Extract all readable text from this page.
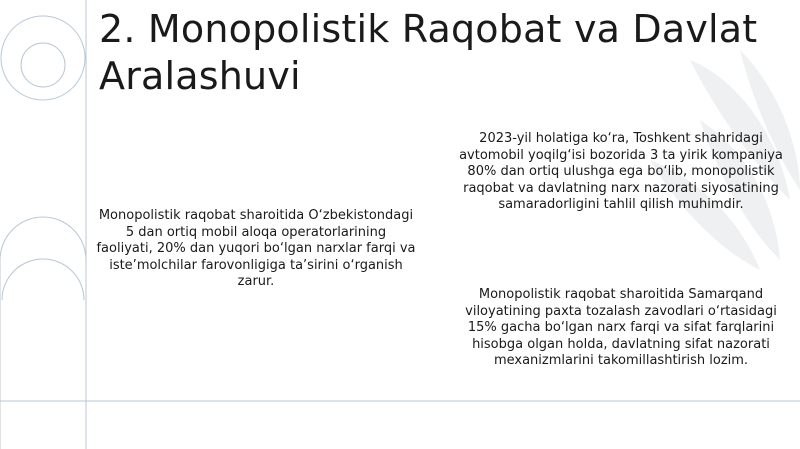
2. Monopolistik Raqobat va Davlat Aralashuvi

Monopolistik raqobat sharoitida O‘zbekistondagi 5 dan ortiq mobil aloqa operatorlarining faoliyati, 20% dan yuqori bo‘lgan narxlar farqi va iste’molchilar farovonligiga ta’sirini o‘rganish zarur.

2023-yil holatiga ko‘ra, Toshkent shahridagi avtomobil yoqilg‘isi bozorida 3 ta yirik kompaniya 80% dan ortiq ulushga ega bo‘lib, monopolistik raqobat va davlatning narx nazorati siyosatining samaradorligini tahlil qilish muhimdir.

Monopolistik raqobat sharoitida Samarqand viloyatining paxta tozalash zavodlari o‘rtasidagi 15% gacha bo‘lgan narx farqi va sifat farqlarini hisobga olgan holda, davlatning sifat nazorati mexanizmlarini takomillashtirish lozim.
